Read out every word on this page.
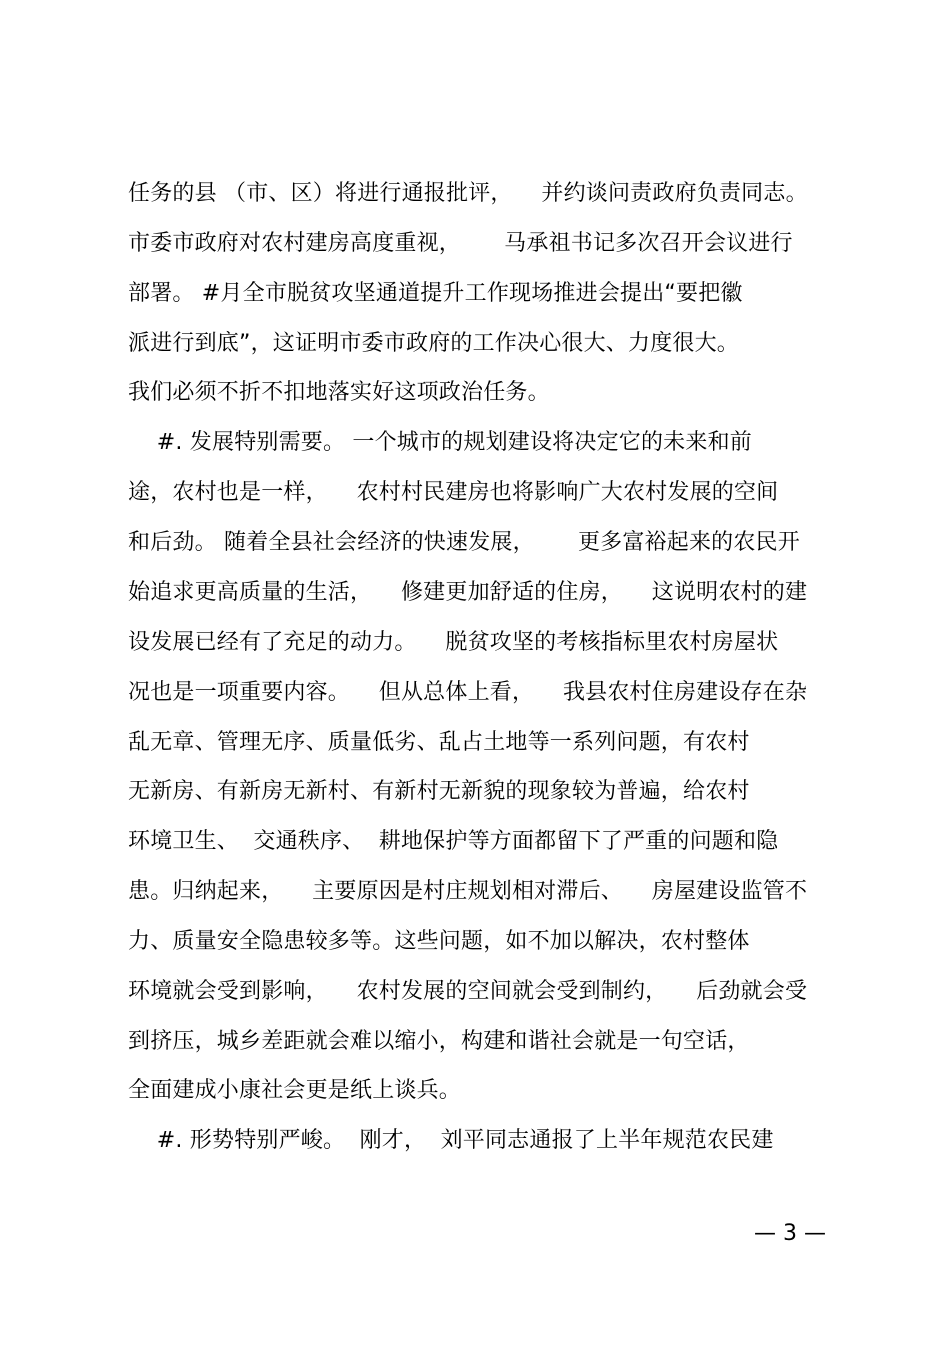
任务的县 （市、区）将进行通报批评，    并约谈问责政府负责同志。
市委市政府对农村建房高度重视，      马承祖书记多次召开会议进行
部署。 #月全市脱贫攻坚通道提升工作现场推进会提出“要把徽
派进行到底”，这证明市委市政府的工作决心很大、力度很大。
我们必须不折不扣地落实好这项政治任务。
#. 发展特别需要。 一个城市的规划建设将决定它的未来和前
途，农村也是一样，    农村村民建房也将影响广大农村发展的空间
和后劲。 随着全县社会经济的快速发展，      更多富裕起来的农民开
始追求更高质量的生活，    修建更加舒适的住房，    这说明农村的建
设发展已经有了充足的动力。    脱贫攻坚的考核指标里农村房屋状
况也是一项重要内容。    但从总体上看，    我县农村住房建设存在杂
乱无章、管理无序、质量低劣、乱占土地等一系列问题，有农村
无新房、有新房无新村、有新村无新貌的现象较为普遍，给农村
环境卫生、  交通秩序、  耕地保护等方面都留下了严重的问题和隐
患。归纳起来，    主要原因是村庄规划相对滞后、    房屋建设监管不
力、质量安全隐患较多等。这些问题，如不加以解决，农村整体
环境就会受到影响，    农村发展的空间就会受到制约，    后劲就会受
到挤压，城乡差距就会难以缩小，构建和谐社会就是一句空话，
全面建成小康社会更是纸上谈兵。
#. 形势特别严峻。  刚才，  刘平同志通报了上半年规范农民建
— 3 —
